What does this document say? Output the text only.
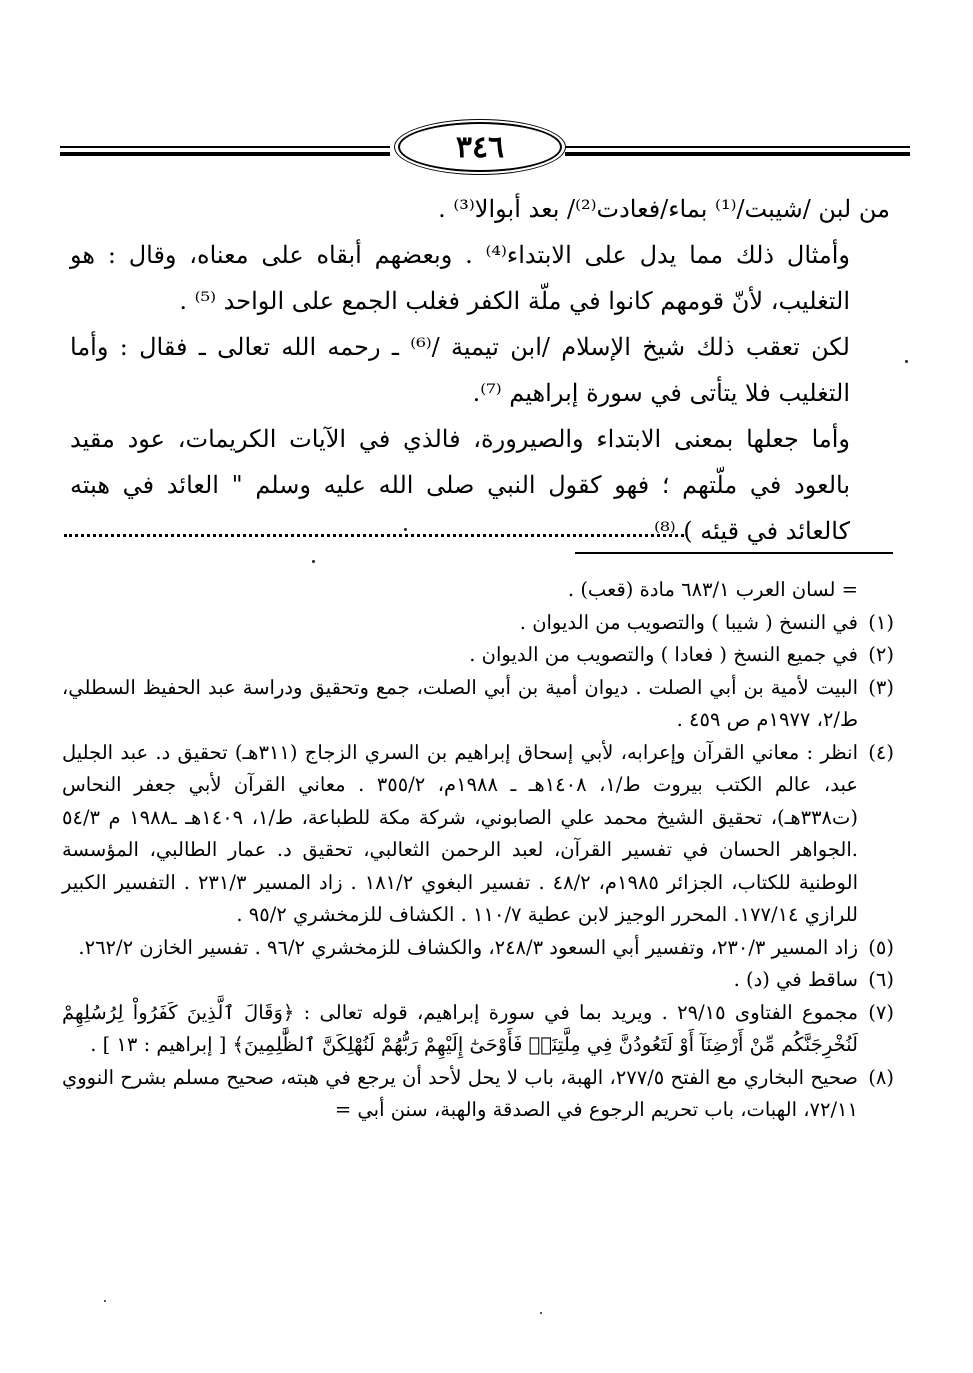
٣٤٦

من لبن /شيبت/⁽¹⁾ بماء/فعادت⁽²⁾/ بعد أبوالا⁽³⁾ .

وأمثال ذلك مما يدل على الابتداء⁽⁴⁾ . وبعضهم أبقاه على معناه، وقال : هو التغليب، لأنّ قومهم كانوا في ملّة الكفر فغلب الجمع على الواحد ⁽⁵⁾ .

لكن تعقب ذلك شيخ الإسلام /ابن تيمية /⁽⁶⁾ ـ رحمه الله تعالى ـ فقال : وأما التغليب فلا يتأتى في سورة إبراهيم ⁽⁷⁾.

وأما جعلها بمعنى الابتداء والصيرورة، فالذي في الآيات الكريمات، عود مقيد بالعود في ملّتهم ؛ فهو كقول النبي صلى الله عليه وسلم " العائد في هبته كالعائد في قيئه ) ⁽⁸⁾

= لسان العرب ٦٨٣/١ مادة (قعب) .
(١)
في النسخ ( شيبا ) والتصويب من الديوان .
(٢)
في جميع النسخ ( فعادا ) والتصويب من الديوان .
(٣)
البيت لأمية بن أبي الصلت . ديوان أمية بن أبي الصلت، جمع وتحقيق ودراسة عبد الحفيظ السطلي، ط/٢، ١٩٧٧م ص ٤٥٩ .
(٤)
انظر : معاني القرآن وإعرابه، لأبي إسحاق إبراهيم بن السري الزجاج (٣١١هـ) تحقيق د. عبد الجليل عبد، عالم الكتب بيروت ط/١، ١٤٠٨هـ ـ ١٩٨٨م، ٣٥٥/٢ . معاني القرآن لأبي جعفر النحاس (ت٣٣٨هـ)، تحقيق الشيخ محمد علي الصابوني، شركة مكة للطباعة، ط/١، ١٤٠٩هـ ـ١٩٨٨ م ٥٤/٣ .الجواهر الحسان في تفسير القرآن، لعبد الرحمن الثعالبي، تحقيق د. عمار الطالبي، المؤسسة الوطنية للكتاب، الجزائر ١٩٨٥م، ٤٨/٢ . تفسير البغوي ١٨١/٢ . زاد المسير ٢٣١/٣ . التفسير الكبير للرازي ١٧٧/١٤. المحرر الوجيز لابن عطية ١١٠/٧ . الكشاف للزمخشري ٩٥/٢ .
(٥)
زاد المسير ٢٣٠/٣، وتفسير أبي السعود ٢٤٨/٣، والكشاف للزمخشري ٩٦/٢ . تفسير الخازن ٢٦٢/٢.
(٦)
ساقط في (د) .
(٧)
مجموع الفتاوى ٢٩/١٥ . ويريد بما في سورة إبراهيم، قوله تعالى : ﴿وَقَالَ ٱلَّذِينَ كَفَرُواْ لِرُسُلِهِمْ لَنُخْرِجَنَّكُم مِّنْ أَرْضِنَآ أَوْ لَتَعُودُنَّ فِي مِلَّتِنَاۖ فَأَوْحَىٰٓ إِلَيْهِمْ رَبُّهُمْ لَنُهْلِكَنَّ ٱلظَّٰلِمِينَ﴾ [ إبراهيم : ١٣ ] .
(٨)
صحيح البخاري مع الفتح ٢٧٧/٥، الهبة، باب لا يحل لأحد أن يرجع في هبته، صحيح مسلم بشرح النووي ٧٢/١١، الهبات، باب تحريم الرجوع في الصدقة والهبة، سنن أبي =
